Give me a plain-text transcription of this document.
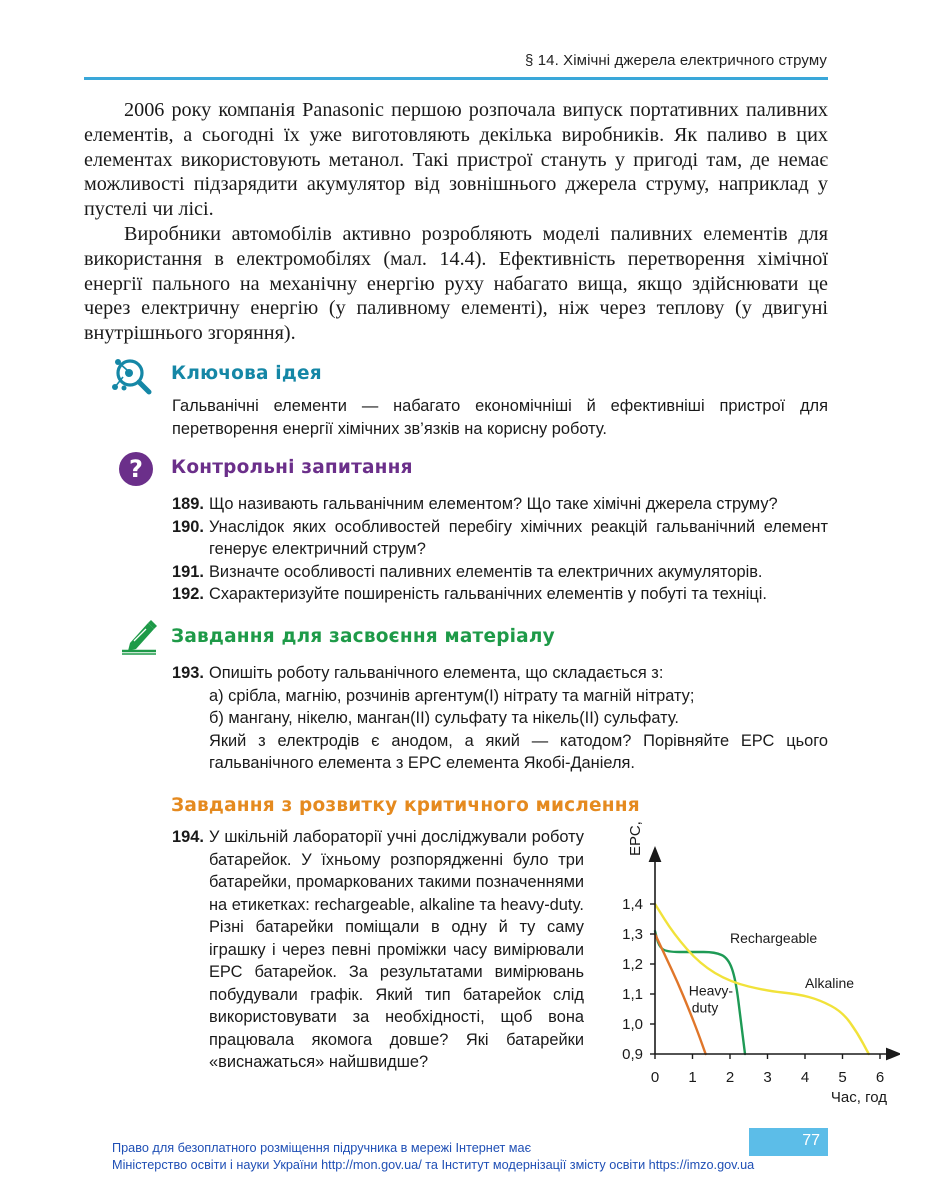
§ 14. Хімічні джерела електричного струму

2006 року компанія Panasonic першою розпочала випуск портативних паливних елементів, а сьогодні їх уже виготовляють декілька виробників. Як паливо в цих елементах використовують метанол. Такі пристрої стануть у пригоді там, де немає можливості підзарядити акумулятор від зовнішнього джерела струму, наприклад у пустелі чи лісі.

Виробники автомобілів активно розробляють моделі паливних елементів для використання в електромобілях (мал. 14.4). Ефективність перетворення хімічної енергії пального на механічну енергію руху набагато вища, якщо здійснювати це через електричну енергію (у паливному елементі), ніж через теплову (у двигуні внутрішнього згоряння).

Ключова ідея
Гальванічні елементи — набагато економічніші й ефективніші пристрої для перетворення енергії хімічних зв’язків на корисну роботу.
? Контрольні запитання
189. Що називають гальванічним елементом? Що таке хімічні джерела струму?
190. Унаслідок яких особливостей перебігу хімічних реакцій гальванічний елемент генерує електричний струм?
191. Визначте особливості паливних елементів та електричних акумуляторів.
192. Схарактеризуйте поширеність гальванічних елементів у побуті та техніці.
Завдання для засвоєння матеріалу
193. Опишіть роботу гальванічного елемента, що складається з:
а) срібла, магнію, розчинів аргентум(І) нітрату та магній нітрату;
б) мангану, нікелю, манган(ІІ) сульфату та нікель(ІІ) сульфату.
Який з електродів є анодом, а який — катодом? Порівняйте ЕРС цього гальванічного елемента з ЕРС елемента Якобі-Даніеля.
Завдання з розвитку критичного мислення
194. У шкільній лабораторії учні досліджували роботу батарейок. У їхньому розпорядженні було три батарейки, промаркованих такими позначеннями на етикетках: rechargeable, alkaline та heavy-duty. Різні батарейки поміщали в одну й ту саму іграшку і через певні проміжки часу вимірювали ЕРС батарейок. За результатами вимірювань побудували графік. Який тип батарейок слід використовувати за необхідності, щоб вона працювала якомога довше? Які батарейки «виснажаться» найшвидше?
ЕРС, В
Час, год
0 1 2 3 4 5 6
0,9
1,0
1,1
1,2
1,3
1,4
Rechargeable
Alkaline
Heavy-
duty
Право для безоплатного розміщення підручника в мережі Інтернет має
Міністерство освіти і науки України http://mon.gov.ua/ та Інститут модернізації змісту освіти https://imzo.gov.ua
77
